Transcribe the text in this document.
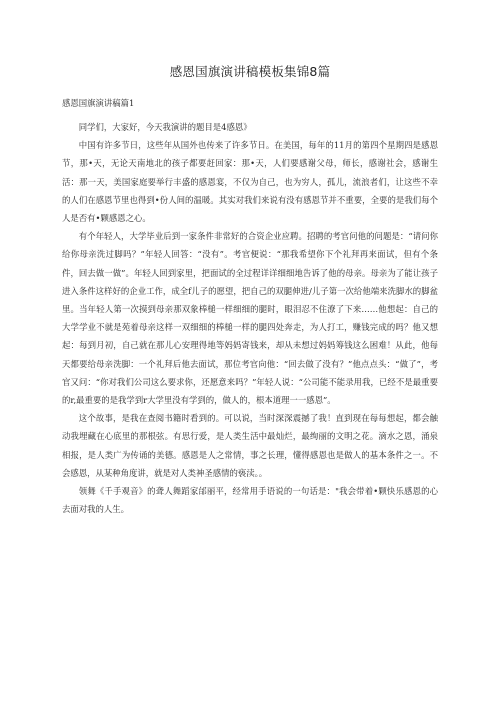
感恩国旗演讲稿模板集锦8篇

感恩国旗演讲稿篇1

同学们，大家好，今天我演讲的题目是4感恩》

中国有许多节日，这些年从国外也传来了许多节日。在美国，每年的11月的第四个星期四是感恩节，那•天，无论天南地北的孩子都要赶回家：那•天，人们要感谢父母，师长，感谢社会，感谢生活：那一天，美国家庭要举行丰盛的感恩宴，不仅为自己，也为穷人，孤儿，流浪者们，让这些不幸的人们在感恩节里也得到•份人间的温暖。其实对我们来说有没有感恩节并不重要，全要的是我们每个人是否有•颗感恩之心。

有个年轻人，大学毕业后到一家条件非常好的合资企业应聘。招聘的考官问他的问题是：“请问你给你母亲洗过脚吗？”年轻人回答：“没有”。考官便说：“那我希望你下个礼拜再来面试，但有个条件，回去做一做”。年轻人回到家里，把面试的全过程详详细细地告诉了他的母亲。母亲为了能让孩子进入条件这样好的企业工作，成全f儿子的愿望，把自己的双腿伸进/儿子第一次给他端来洗脚水的脚盆里。当年轻人第一次摸到母亲那双象棒槌一样细细的腿时，眼泪忍不住潦了下来……他想起：自己的大学学业不就是苑着母亲这样一双细细的棒槌一样的腿四处奔走，为人打工，赚钱完成的吗？他又想起：每到月初，自己就在那儿心安理得地等妈妈寄钱来，却从未想过妈妈筹钱这么困难！从此，他每天都要给母亲洗脚：一个礼拜后他去面试，那位考官向他：“回去做了没有？”他点点头：“做了”，考官又问：“你对我们公司这么要求你，还愿意来吗？”年轻人说：“公司能不能录用我，已经不是最重要的r,最重要的是我学到r大学里没有学到的，做人的，根本道理一一感恩”。

这个故事，是我在查阅书籍时看到的。可以说，当时深深震撼了我！直到现在每每想起，都会触动我埋藏在心底里的那根弦。有思行爱，是人类生活中最灿烂，最绚丽的文明之花。滴水之恩，涌泉相报，是人类广为传诵的美德。感恩是人之常情，事之长理，懂得感恩也是做人的基本条件之一。不会感恩，从某种角度讲，就是对人类神圣感情的亵渎。。

领舞《千手观音》的聋人舞蹈家邰丽平，经常用手语说的一句话是："我会带着•颗快乐感恩的心去面对我的人生。
